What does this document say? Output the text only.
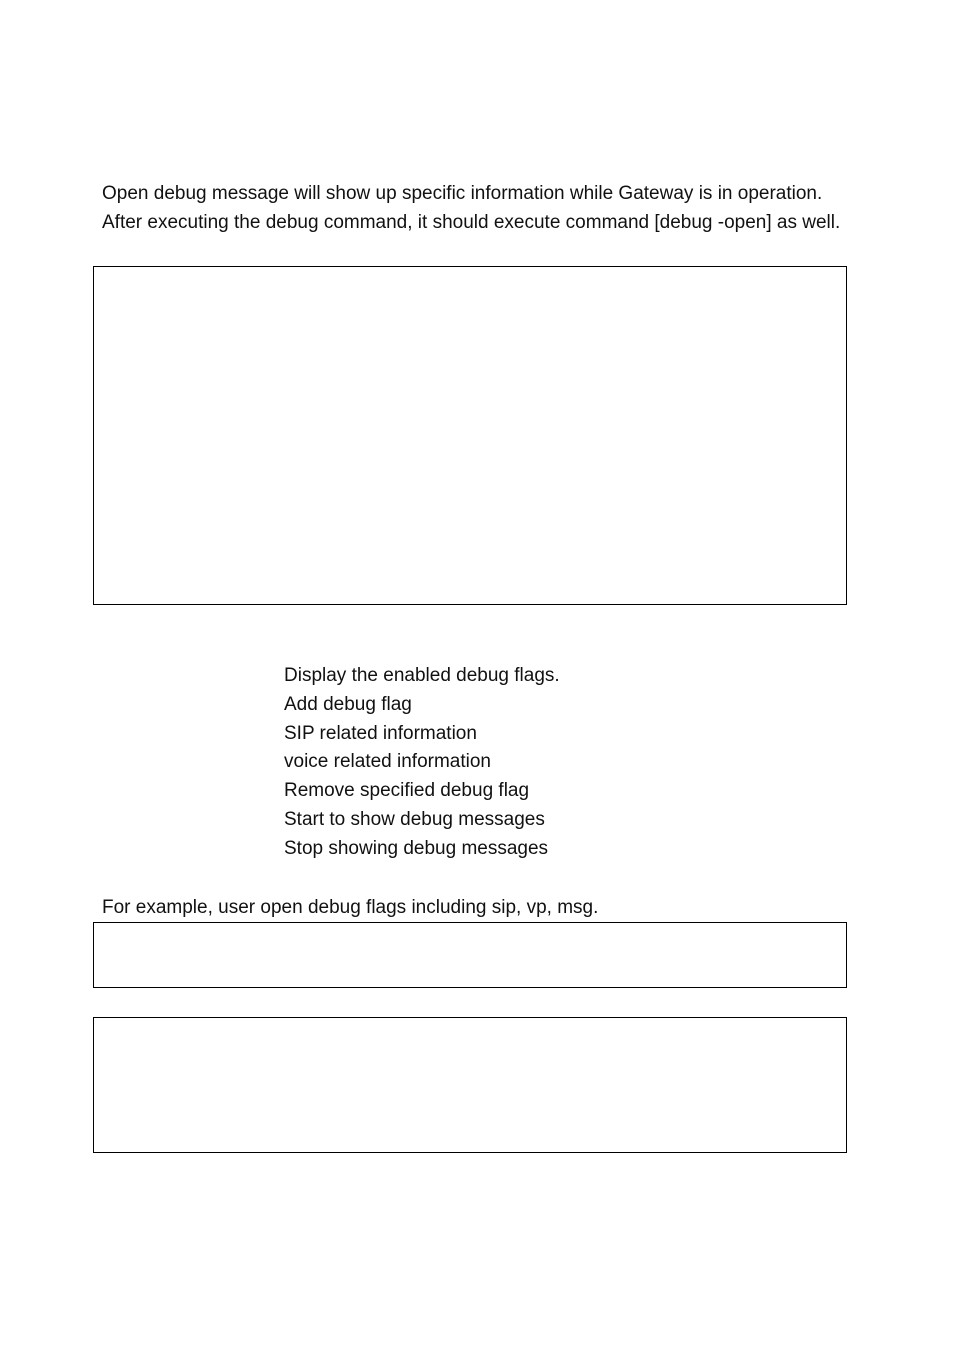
Open debug message will show up specific information while Gateway is in operation. After executing the debug command, it should execute command [debug -open] as well.

Display the enabled debug flags.
Add debug flag
SIP related information
voice related information
Remove specified debug flag
Start to show debug messages
Stop showing debug messages

For example, user open debug flags including sip, vp, msg.
